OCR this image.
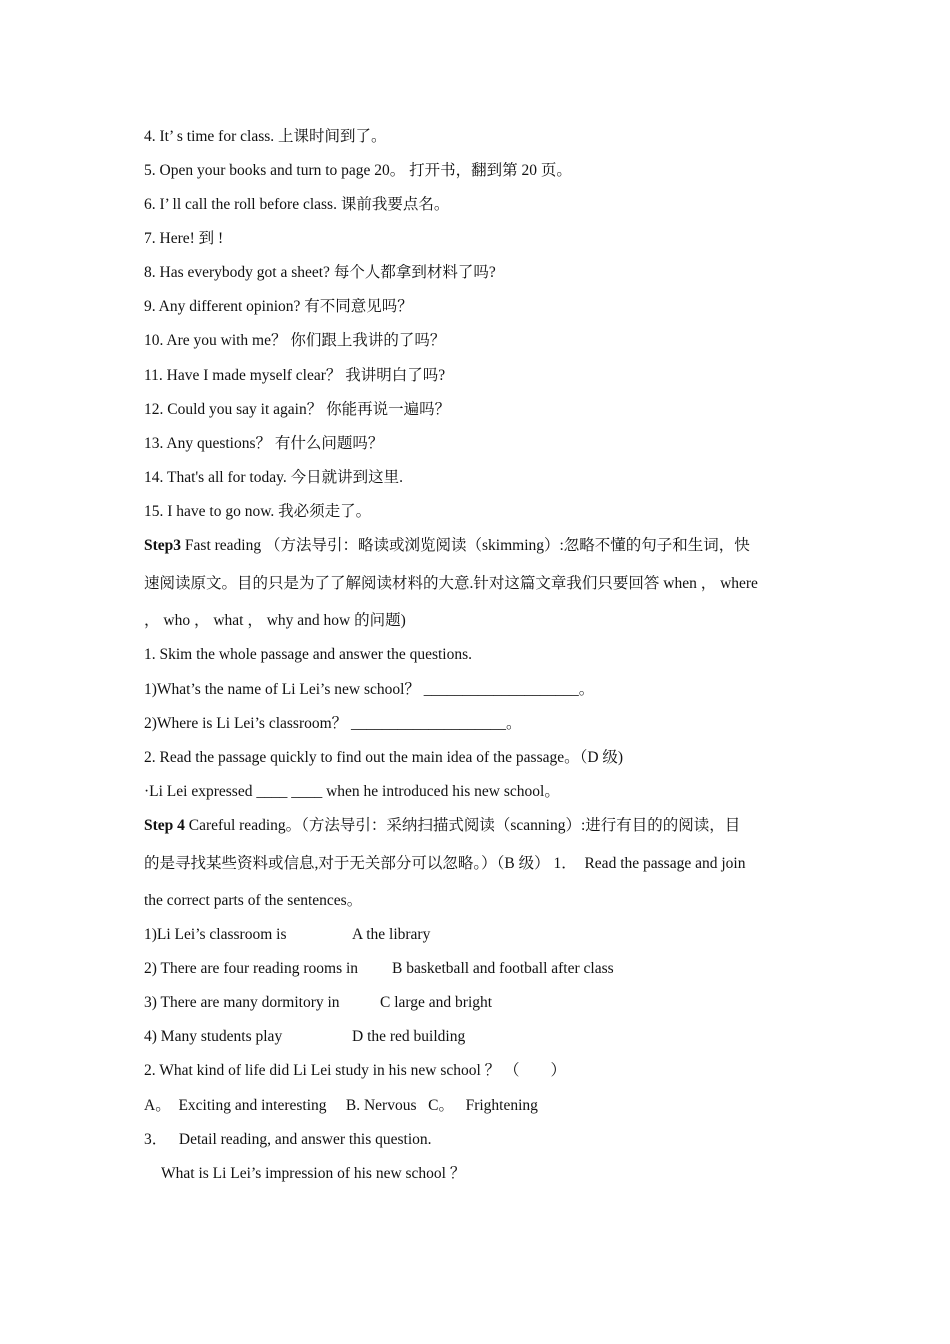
4. It’ s time for class. 上课时间到了。
5. Open your books and turn to page 20。 打开书，翻到第 20 页。
6. I’ ll call the roll before class. 课前我要点名。
7. Here! 到 !
8. Has everybody got a sheet? 每个人都拿到材料了吗?
9. Any different opinion? 有不同意见吗？
10. Are you with me？ 你们跟上我讲的了吗？
11. Have I made myself clear？ 我讲明白了吗?
12. Could you say it again？ 你能再说一遍吗？
13. Any questions？ 有什么问题吗？
14. That's all for today. 今日就讲到这里.
15. I have to go now. 我必须走了。
Step3 Fast reading （方法导引：略读或浏览阅读（skimming）:忽略不懂的句子和生词，快
速阅读原文。目的只是为了了解阅读材料的大意.针对这篇文章我们只要回答 when ， where
， who ， what ， why and how 的问题)
1. Skim the whole passage and answer the questions.
1)What’s the name of Li Lei’s new school？ ____________________。
2)Where is Li Lei’s classroom？ ____________________。
2. Read the passage quickly to find out the main idea of the passage。（D 级)
·Li Lei expressed ____ ____ when he introduced his new school。
Step 4 Careful reading。（方法导引：采纳扫描式阅读（scanning）:进行有目的的阅读，目
的是寻找某些资料或信息,对于无关部分可以忽略。）（B 级） 1．  Read the passage and join
the correct parts of the sentences。
1)Li Lei’s classroom is	A the library
2) There are four reading rooms in B basketball and football after class
3) There are many dormitory in	C large and bright
4) Many students play	D the red building
2. What kind of life did Li Lei study in his new school ？ （        ）
A。  Exciting and interesting     B. Nervous   C。   Frightening
3．   Detail reading, and answer this question.
What is Li Lei’s impression of his new school ？
